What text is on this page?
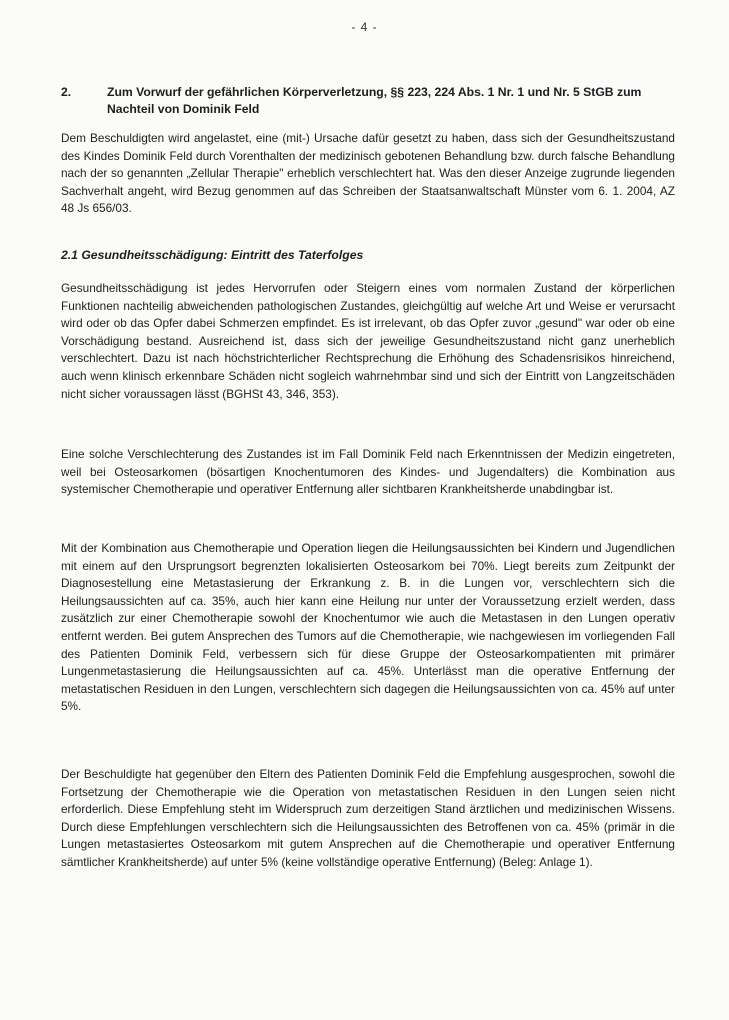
- 4 -
2.	Zum Vorwurf der gefährlichen Körperverletzung, §§ 223, 224 Abs. 1 Nr. 1 und Nr. 5 StGB zum Nachteil von Dominik Feld

Dem Beschuldigten wird angelastet, eine (mit-) Ursache dafür gesetzt zu haben, dass sich der Gesundheitszustand des Kindes Dominik Feld durch Vorenthalten der medizinisch gebotenen Behandlung bzw. durch falsche Behandlung nach der so genannten „Zellular Therapie" erheblich verschlechtert hat. Was den dieser Anzeige zugrunde liegenden Sachverhalt angeht, wird Bezug genommen auf das Schreiben der Staatsanwaltschaft Münster vom 6. 1. 2004, AZ 48 Js 656/03.

2.1 Gesundheitsschädigung: Eintritt des Taterfolges

Gesundheitsschädigung ist jedes Hervorrufen oder Steigern eines vom normalen Zustand der körperlichen Funktionen nachteilig abweichenden pathologischen Zustandes, gleichgültig auf welche Art und Weise er verursacht wird oder ob das Opfer dabei Schmerzen empfindet. Es ist irrelevant, ob das Opfer zuvor „gesund" war oder ob eine Vorschädigung bestand. Ausreichend ist, dass sich der jeweilige Gesundheitszustand nicht ganz unerheblich verschlechtert. Dazu ist nach höchstrichterlicher Rechtsprechung die Erhöhung des Schadensrisikos hinreichend, auch wenn klinisch erkennbare Schäden nicht sogleich wahrnehmbar sind und sich der Eintritt von Langzeitschäden nicht sicher voraussagen lässt (BGHSt 43, 346, 353).

Eine solche Verschlechterung des Zustandes ist im Fall Dominik Feld nach Erkenntnissen der Medizin eingetreten, weil bei Osteosarkomen (bösartigen Knochentumoren des Kindes- und Jugendalters) die Kombination aus systemischer Chemotherapie und operativer Entfernung aller sichtbaren Krankheitsherde unabdingbar ist.

Mit der Kombination aus Chemotherapie und Operation liegen die Heilungsaussichten bei Kindern und Jugendlichen mit einem auf den Ursprungsort begrenzten lokalisierten Osteosarkom bei 70%. Liegt bereits zum Zeitpunkt der Diagnosestellung eine Metastasierung der Erkrankung z. B. in die Lungen vor, verschlechtern sich die Heilungsaussichten auf ca. 35%, auch hier kann eine Heilung nur unter der Voraussetzung erzielt werden, dass zusätzlich zur einer Chemotherapie sowohl der Knochentumor wie auch die Metastasen in den Lungen operativ entfernt werden. Bei gutem Ansprechen des Tumors auf die Chemotherapie, wie nachgewiesen im vorliegenden Fall des Patienten Dominik Feld, verbessern sich für diese Gruppe der Osteosarkompatienten mit primärer Lungenmetastasierung die Heilungsaussichten auf ca. 45%. Unterlässt man die operative Entfernung der metastatischen Residuen in den Lungen, verschlechtern sich dagegen die Heilungsaussichten von ca. 45% auf unter 5%.

Der Beschuldigte hat gegenüber den Eltern des Patienten Dominik Feld die Empfehlung ausgesprochen, sowohl die Fortsetzung der Chemotherapie wie die Operation von metastatischen Residuen in den Lungen seien nicht erforderlich. Diese Empfehlung steht im Widerspruch zum derzeitigen Stand ärztlichen und medizinischen Wissens. Durch diese Empfehlungen verschlechtern sich die Heilungsaussichten des Betroffenen von ca. 45% (primär in die Lungen metastasiertes Osteosarkom mit gutem Ansprechen auf die Chemotherapie und operativer Entfernung sämtlicher Krankheitsherde) auf unter 5% (keine vollständige operative Entfernung) (Beleg: Anlage 1).
